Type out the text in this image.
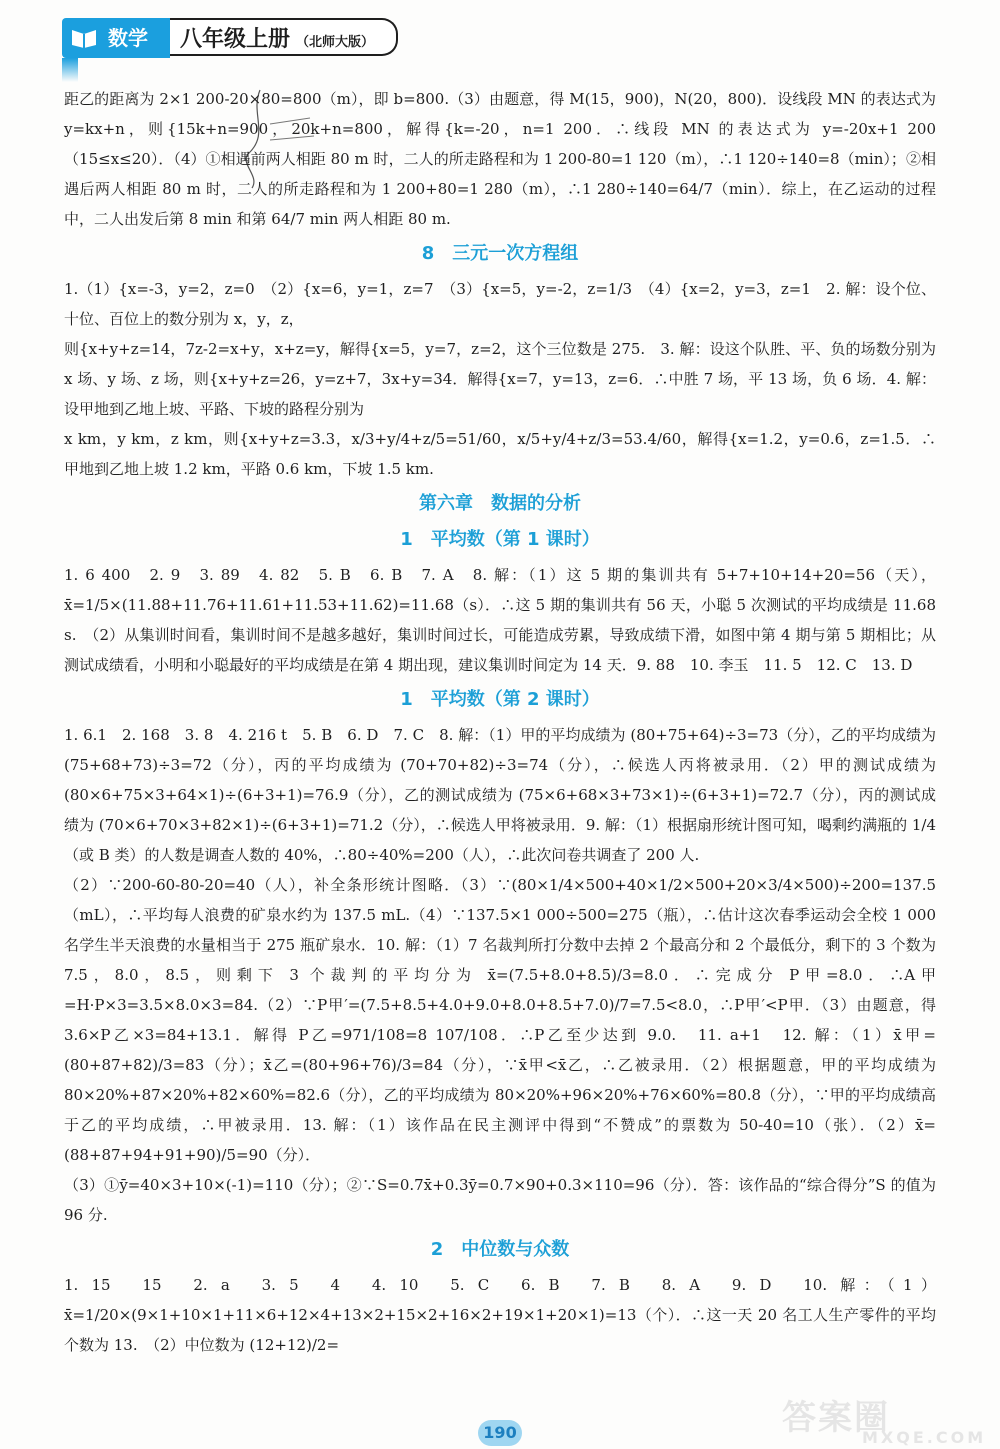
数学	八年级上册 （北师大版）

距乙的距离为 2×1 200-20×80=800（m），即 b=800.（3）由题意，得 M(15，900)，N(20，800)．设线段 MN 的表达式为 y=kx+n，则{15k+n=900，20k+n=800，解得{k=-20，n=1 200．∴线段 MN 的表达式为 y=-20x+1 200（15≤x≤20）．（4）①相遇前两人相距 80 m 时，二人的所走路程和为 1 200-80=1 120（m），∴1 120÷140=8（min）；②相遇后两人相距 80 m 时，二人的所走路程和为 1 200+80=1 280（m），∴1 280÷140=64/7（min）．综上，在乙运动的过程中，二人出发后第 8 min 和第 64/7 min 两人相距 80 m.

8　三元一次方程组

1.（1）{x=-3，y=2，z=0　（2）{x=6，y=1，z=7　（3）{x=5，y=-2，z=1/3　（4）{x=2，y=3，z=1　2. 解：设个位、十位、百位上的数分别为 x，y，z，

则{x+y+z=14，7z-2=x+y，x+z=y，解得{x=5，y=7，z=2，这个三位数是 275.　3. 解：设这个队胜、平、负的场数分别为 x 场、y 场、z 场，则{x+y+z=26，y=z+7，3x+y=34．解得{x=7，y=13，z=6．∴中胜 7 场，平 13 场，负 6 场．4. 解：设甲地到乙地上坡、平路、下坡的路程分别为

x km，y km，z km，则{x+y+z=3.3，x/3+y/4+z/5=51/60，x/5+y/4+z/3=53.4/60，解得{x=1.2，y=0.6，z=1.5．∴甲地到乙地上坡 1.2 km，平路 0.6 km，下坡 1.5 km.

第六章　数据的分析
1　平均数（第 1 课时）

1. 6 400　2. 9　3. 89　4. 82　5. B　6. B　7. A　8. 解：（1）这 5 期的集训共有 5+7+10+14+20=56（天），x̄=1/5×(11.88+11.76+11.61+11.53+11.62)=11.68（s）．∴这 5 期的集训共有 56 天，小聪 5 次测试的平均成绩是 11.68 s.　（2）从集训时间看，集训时间不是越多越好，集训时间过长，可能造成劳累，导致成绩下滑，如图中第 4 期与第 5 期相比；从测试成绩看，小明和小聪最好的平均成绩是在第 4 期出现，建议集训时间定为 14 天．9. 88　10. 李玉　11. 5　12. C　13. D

1　平均数（第 2 课时）

1. 6.1　2. 168　3. 8　4. 216 t　5. B　6. D　7. C　8. 解：（1）甲的平均成绩为 (80+75+64)÷3=73（分），乙的平均成绩为 (75+68+73)÷3=72（分），丙的平均成绩为 (70+70+82)÷3=74（分），∴候选人丙将被录用．（2）甲的测试成绩为 (80×6+75×3+64×1)÷(6+3+1)=76.9（分），乙的测试成绩为 (75×6+68×3+73×1)÷(6+3+1)=72.7（分），丙的测试成绩为 (70×6+70×3+82×1)÷(6+3+1)=71.2（分），∴候选人甲将被录用．9. 解：（1）根据扇形统计图可知，喝剩约满瓶的 1/4（或 B 类）的人数是调查人数的 40%，∴80÷40%=200（人），∴此次问卷共调查了 200 人.

（2）∵200-60-80-20=40（人），补全条形统计图略．（3）∵(80×1/4×500+40×1/2×500+20×3/4×500)÷200=137.5（mL），∴平均每人浪费的矿泉水约为 137.5 mL.（4）∵137.5×1 000÷500=275（瓶），∴估计这次春季运动会全校 1 000 名学生半天浪费的水量相当于 275 瓶矿泉水．10. 解：（1）7 名裁判所打分数中去掉 2 个最高分和 2 个最低分，剩下的 3 个数为 7.5，8.0，8.5，则剩下 3 个裁判的平均分为 x̄=(7.5+8.0+8.5)/3=8.0．∴完成分 P甲=8.0．∴A甲=H·P×3=3.5×8.0×3=84.（2）∵P甲′=(7.5+8.5+4.0+9.0+8.0+8.5+7.0)/7=7.5<8.0，∴P甲′<P甲．（3）由题意，得 3.6×P乙×3=84+13.1．解得 P乙=971/108=8 107/108．∴P乙至少达到 9.0.　11. a+1　12. 解：（1）x̄甲=(80+87+82)/3=83（分）；x̄乙=(80+96+76)/3=84（分），∵x̄甲<x̄乙，∴乙被录用．（2）根据题意，甲的平均成绩为 80×20%+87×20%+82×60%=82.6（分），乙的平均成绩为 80×20%+96×20%+76×60%=80.8（分），∵甲的平均成绩高于乙的平均成绩，∴甲被录用．13. 解：（1）该作品在民主测评中得到“不赞成”的票数为 50-40=10（张）．（2）x̄=(88+87+94+91+90)/5=90（分）．

（3）①ȳ=40×3+10×(-1)=110（分）；②∵S=0.7x̄+0.3ȳ=0.7×90+0.3×110=96（分）．答：该作品的“综合得分”S 的值为 96 分.

2　中位数与众数

1. 15　15　2. a　3. 5　4　4. 10　5. C　6. B　7. B　8. A　9. D　10. 解：（1）x̄=1/20×(9×1+10×1+11×6+12×4+13×2+15×2+16×2+19×1+20×1)=13（个）．∴这一天 20 名工人生产零件的平均个数为 13.　（2）中位数为 (12+12)/2=

190	答案圈
MXQE.COM
